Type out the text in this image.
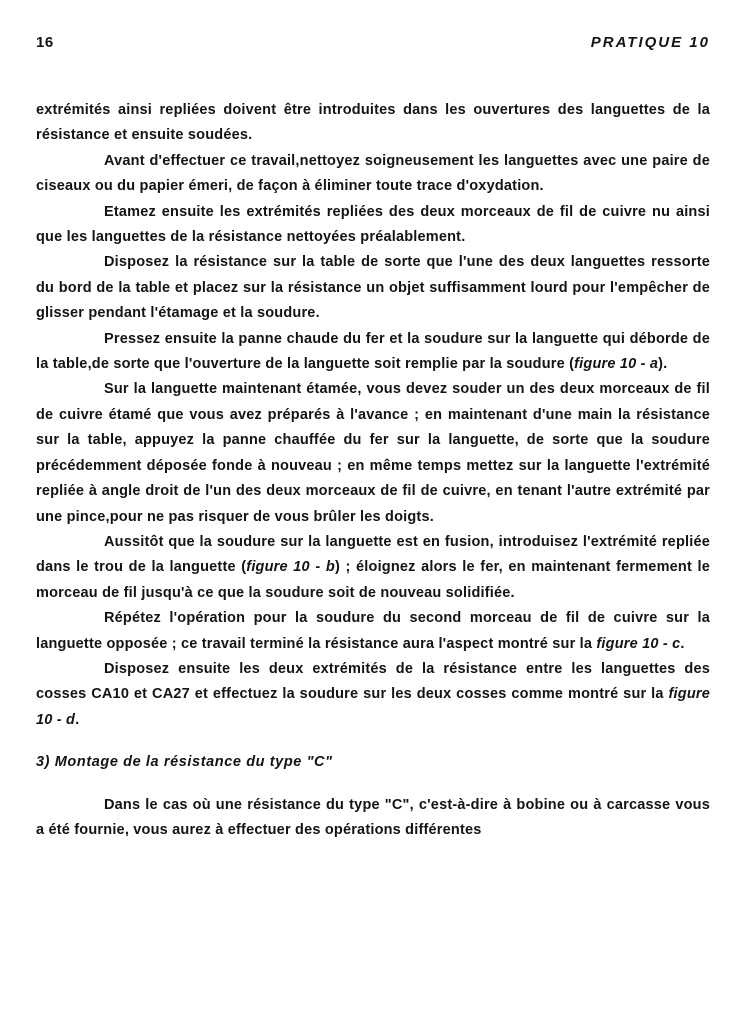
16	PRATIQUE 10

extrémités ainsi repliées doivent être introduites dans les ouvertures des languettes de la résistance et ensuite soudées.

Avant d'effectuer ce travail,nettoyez soigneusement les languettes avec une paire de ciseaux ou du papier émeri, de façon à éliminer toute trace d'oxydation.

Etamez ensuite les extrémités repliées des deux morceaux de fil de cuivre nu ainsi que les languettes de la résistance nettoyées préalablement.

Disposez la résistance sur la table de sorte que l'une des deux languettes ressorte du bord de la table et placez sur la résistance un objet suffisamment lourd pour l'empêcher de glisser pendant l'étamage et la soudure.

Pressez ensuite la panne chaude du fer et la soudure sur la languette qui déborde de la table,de sorte que l'ouverture de la languette soit remplie par la soudure (figure 10 - a).

Sur la languette maintenant étamée, vous devez souder un des deux morceaux de fil de cuivre étamé que vous avez préparés à l'avance ; en maintenant d'une main la résistance sur la table, appuyez la panne chauffée du fer sur la languette, de sorte que la soudure précédemment déposée fonde à nouveau ; en même temps mettez sur la languette l'extrémité repliée à angle droit de l'un des deux morceaux de fil de cuivre, en tenant l'autre extrémité par une pince,pour ne pas risquer de vous brûler les doigts.

Aussitôt que la soudure sur la languette est en fusion, introduisez l'extrémité repliée dans le trou de la languette (figure 10 - b) ; éloignez alors le fer, en maintenant fermement le morceau de fil jusqu'à ce que la soudure soit de nouveau solidifiée.

Répétez l'opération pour la soudure du second morceau de fil de cuivre sur la languette opposée ; ce travail terminé la résistance aura l'aspect montré sur la figure 10 - c.

Disposez ensuite les deux extrémités de la résistance entre les languettes des cosses CA10 et CA27 et effectuez la soudure sur les deux cosses comme montré sur la figure 10 - d.

3) Montage de la résistance du type "C"

Dans le cas où une résistance du type "C", c'est-à-dire à bobine ou à carcasse vous a été fournie, vous aurez à effectuer des opérations différentes
